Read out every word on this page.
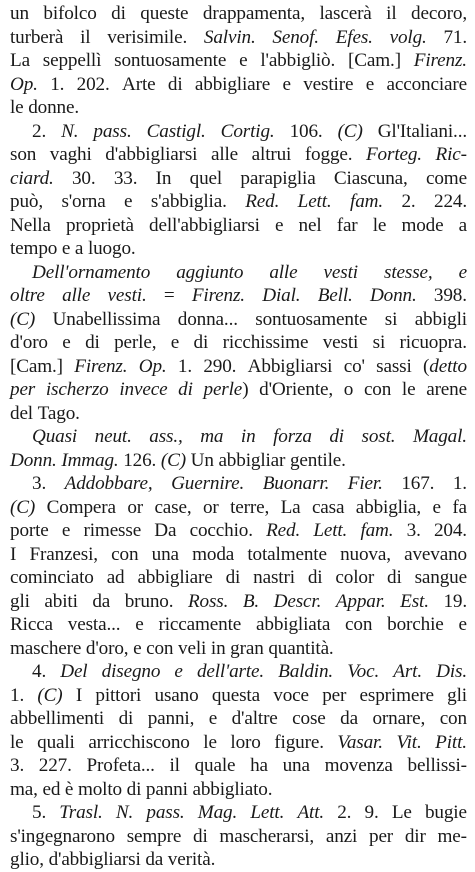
un bifolco di queste drappamenta, lascerà il decoro,
turberà il verisimile. Salvin. Senof. Efes. volg. 71.
La seppellì sontuosamente e l'abbigliò. [Cam.] Firenz.
Op. 1. 202. Arte di abbigliare e vestire e acconciare
le donne.
2. N. pass. Castigl. Cortig. 106. (C) Gl'Italiani...
son vaghi d'abbigliarsi alle altrui fogge. Forteg. Ric-
ciard. 30. 33. In quel parapiglia Ciascuna, come
può, s'orna e s'abbiglia. Red. Lett. fam. 2. 224.
Nella proprietà dell'abbigliarsi e nel far le mode a
tempo e a luogo.
Dell'ornamento aggiunto alle vesti stesse, e
oltre alle vesti. = Firenz. Dial. Bell. Donn. 398.
(C) Unabellissima donna... sontuosamente si abbigli
d'oro e di perle, e di ricchissime vesti si ricuopra.
[Cam.] Firenz. Op. 1. 290. Abbigliarsi co' sassi (detto
per ischerzo invece di perle) d'Oriente, o con le arene
del Tago.
Quasi neut. ass., ma in forza di sost. Magal.
Donn. Immag. 126. (C) Un abbigliar gentile.
3. Addobbare, Guernire. Buonarr. Fier. 167. 1.
(C) Compera or case, or terre, La casa abbiglia, e fa
porte e rimesse Da cocchio. Red. Lett. fam. 3. 204.
I Franzesi, con una moda totalmente nuova, avevano
cominciato ad abbigliare di nastri di color di sangue
gli abiti da bruno. Ross. B. Descr. Appar. Est. 19.
Ricca vesta... e riccamente abbigliata con borchie e
maschere d'oro, e con veli in gran quantità.
4. Del disegno e dell'arte. Baldin. Voc. Art. Dis.
1. (C) I pittori usano questa voce per esprimere gli
abbellimenti di panni, e d'altre cose da ornare, con
le quali arricchiscono le loro figure. Vasar. Vit. Pitt.
3. 227. Profeta... il quale ha una movenza bellissi-
ma, ed è molto di panni abbigliato.
5. Trasl. N. pass. Mag. Lett. Att. 2. 9. Le bugie
s'ingegnarono sempre di mascherarsi, anzi per dir me-
glio, d'abbigliarsi da verità.
